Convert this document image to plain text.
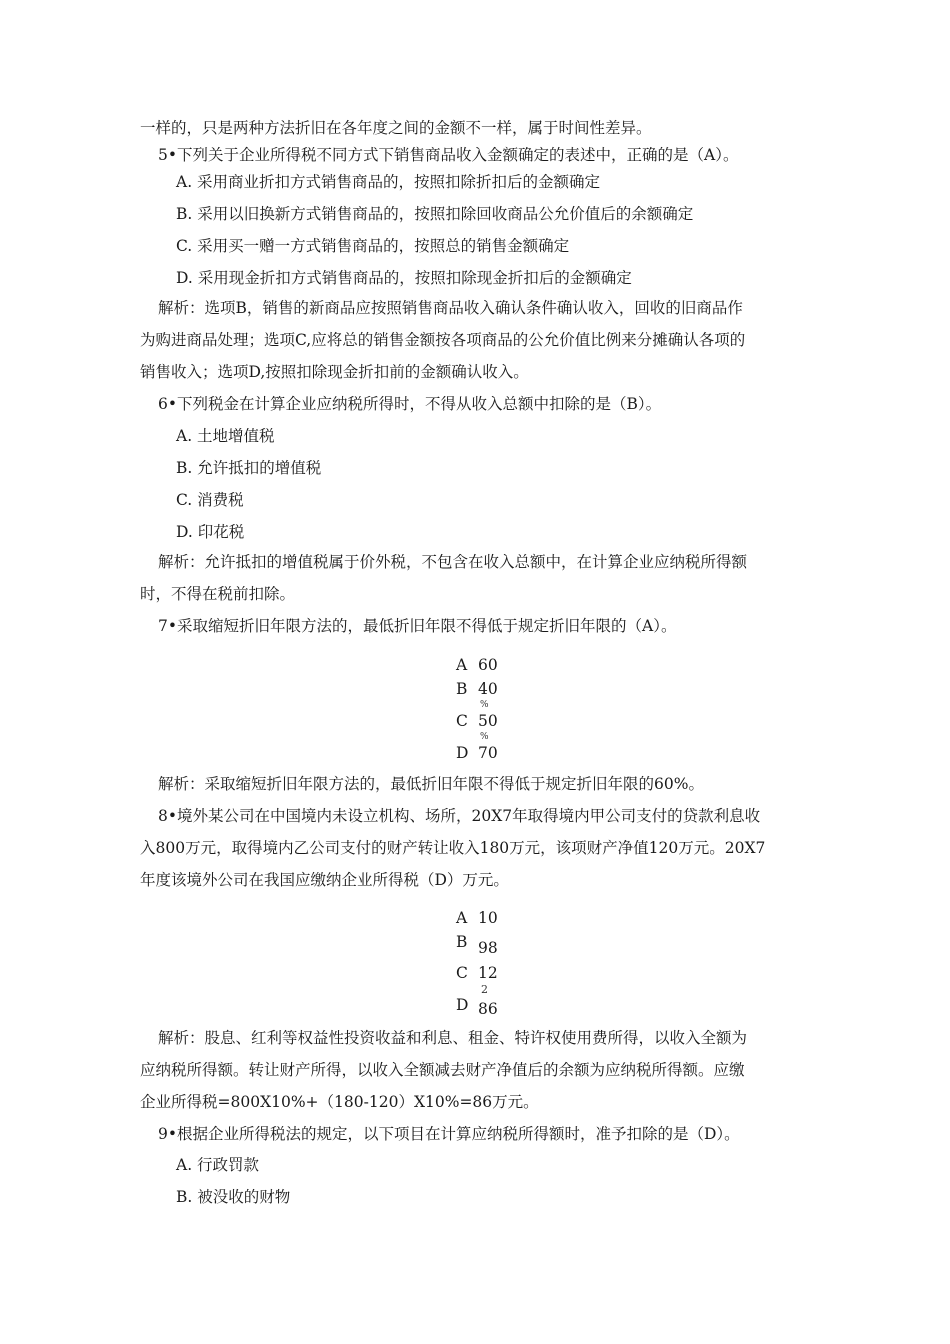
一样的，只是两种方法折旧在各年度之间的金额不一样，属于时间性差异。
5•下列关于企业所得税不同方式下销售商品收入金额确定的表述中，正确的是（A）。
A. 采用商业折扣方式销售商品的，按照扣除折扣后的金额确定
B. 采用以旧换新方式销售商品的，按照扣除回收商品公允价值后的余额确定
C. 采用买一赠一方式销售商品的，按照总的销售金额确定
D. 采用现金折扣方式销售商品的，按照扣除现金折扣后的金额确定
解析：选项B，销售的新商品应按照销售商品收入确认条件确认收入，回收的旧商品作
为购进商品处理；选项C,应将总的销售金额按各项商品的公允价值比例来分摊确认各项的
销售收入；选项D,按照扣除现金折扣前的金额确认收入。
6•下列税金在计算企业应纳税所得时，不得从收入总额中扣除的是（B）。
A. 土地增值税
B. 允许抵扣的增值税
C. 消费税
D. 印花税
解析：允许抵扣的增值税属于价外税，不包含在收入总额中，在计算企业应纳税所得额
时，不得在税前扣除。
7•采取缩短折旧年限方法的，最低折旧年限不得低于规定折旧年限的（A）。
A 60
B 40
%
C 50
%
D 70
解析：采取缩短折旧年限方法的，最低折旧年限不得低于规定折旧年限的60%。
8•境外某公司在中国境内未设立机构、场所，20X7年取得境内甲公司支付的贷款利息收
入800万元，取得境内乙公司支付的财产转让收入180万元，该项财产净值120万元。20X7
年度该境外公司在我国应缴纳企业所得税（D）万元。
A 10
B 98
C 12
2
D 86
解析：股息、红利等权益性投资收益和利息、租金、特许权使用费所得，以收入全额为
应纳税所得额。转让财产所得，以收入全额减去财产净值后的余额为应纳税所得额。应缴
企业所得税=800X10%+（180-120）X10%=86万元。
9•根据企业所得税法的规定，以下项目在计算应纳税所得额时，准予扣除的是（D）。
A. 行政罚款
B. 被没收的财物
